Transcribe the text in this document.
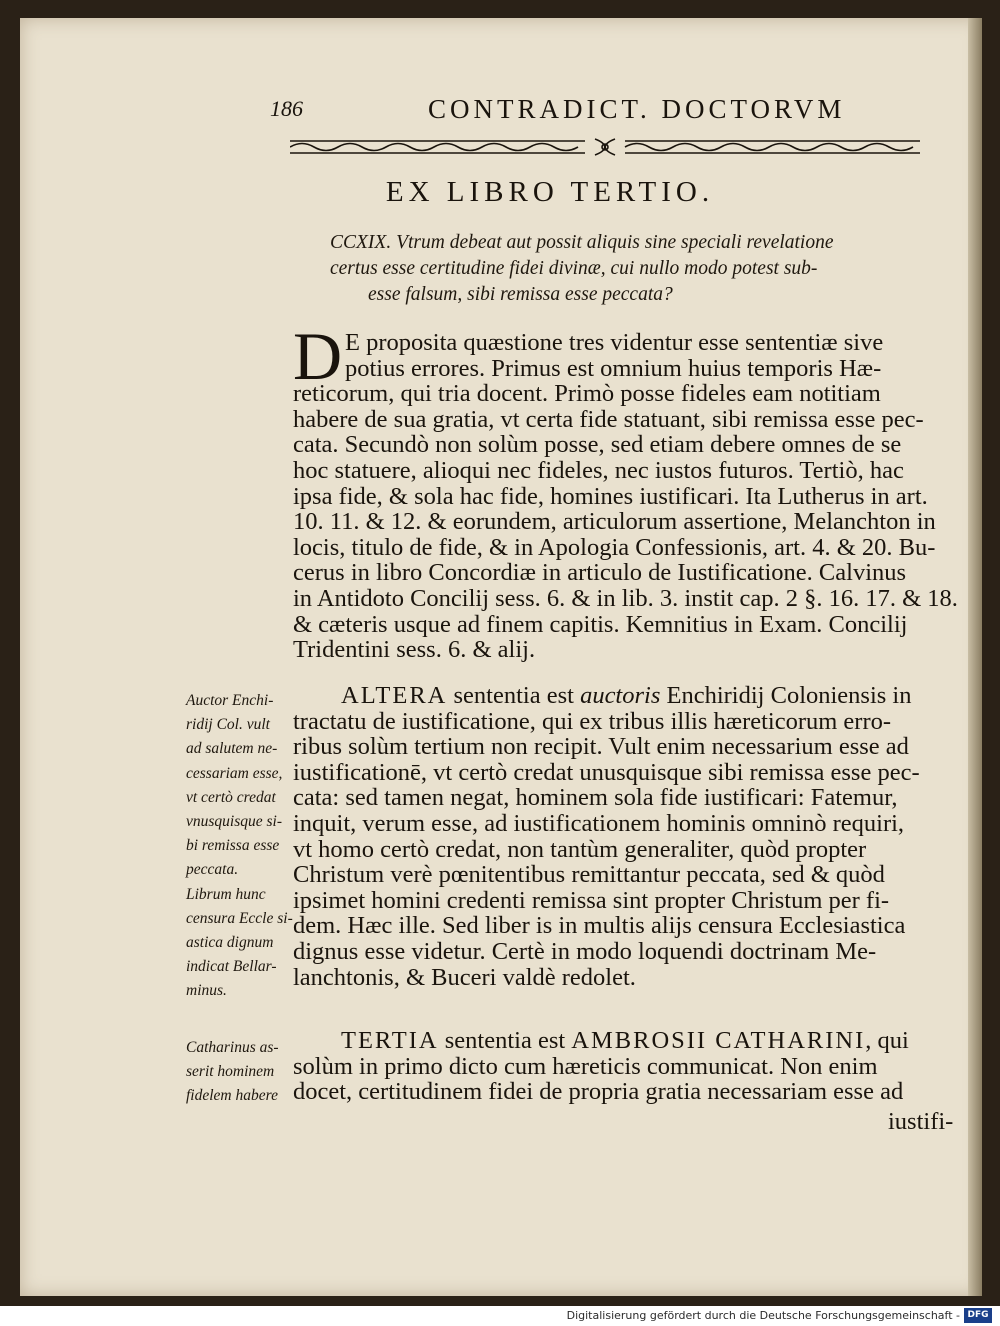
186	CONTRADICT. DOCTORVM
EX LIBRO TERTIO.
CCXIX. Vtrum debeat aut possit aliquis sine speciali revelatione
certus esse certitudine fidei divinæ, cui nullo modo potest sub-
esse falsum, sibi remissa esse peccata?
D E proposita quæstione tres videntur esse sententiæ sive
potius errores. Primus est omnium huius temporis Hæ-
reticorum, qui tria docent. Primò posse fideles eam notitiam
habere de sua gratia, vt certa fide statuant, sibi remissa esse pec-
cata. Secundò non solùm posse, sed etiam debere omnes de se
hoc statuere, alioqui nec fideles, nec iustos futuros. Tertiò, hac
ipsa fide, & sola hac fide, homines iustificari. Ita Lutherus in art.
10. 11. & 12. & eorundem, articulorum assertione, Melanchton in
locis, titulo de fide, & in Apologia Confessionis, art. 4. & 20. Bu-
cerus in libro Concordiæ in articulo de Iustificatione. Calvinus
in Antidoto Concilij sess. 6. & in lib. 3. instit cap. 2 §. 16. 17. & 18.
& cæteris usque ad finem capitis. Kemnitius in Exam. Concilij
Tridentini sess. 6. & alij.
Auctor Enchi-
ridij Col. vult
ad salutem ne-
cessariam esse,
vt certò credat
vnusquisque si-
bi remissa esse
peccata.
Librum hunc
censura Eccle si-
astica dignum
indicat Bellar-
minus.
ALTERA sententia est auctoris Enchiridij Coloniensis in
tractatu de iustificatione, qui ex tribus illis hæreticorum erro-
ribus solùm tertium non recipit. Vult enim necessarium esse ad
iustificationē, vt certò credat unusquisque sibi remissa esse pec-
cata: sed tamen negat, hominem sola fide iustificari: Fatemur,
inquit, verum esse, ad iustificationem hominis omninò requiri,
vt homo certò credat, non tantùm generaliter, quòd propter
Christum verè pœnitentibus remittantur peccata, sed & quòd
ipsimet homini credenti remissa sint propter Christum per fi-
dem. Hæc ille. Sed liber is in multis alijs censura Ecclesiastica
dignus esse videtur. Certè in modo loquendi doctrinam Me-
lanchtonis, & Buceri valdè redolet.
Catharinus as-
serit hominem
fidelem habere
TERTIA sententia est AMBROSII CATHARINI, qui
solùm in primo dicto cum hæreticis communicat. Non enim
docet, certitudinem fidei de propria gratia necessariam esse ad
iustifi-
Digitalisierung gefördert durch die Deutsche Forschungsgemeinschaft - DFG
